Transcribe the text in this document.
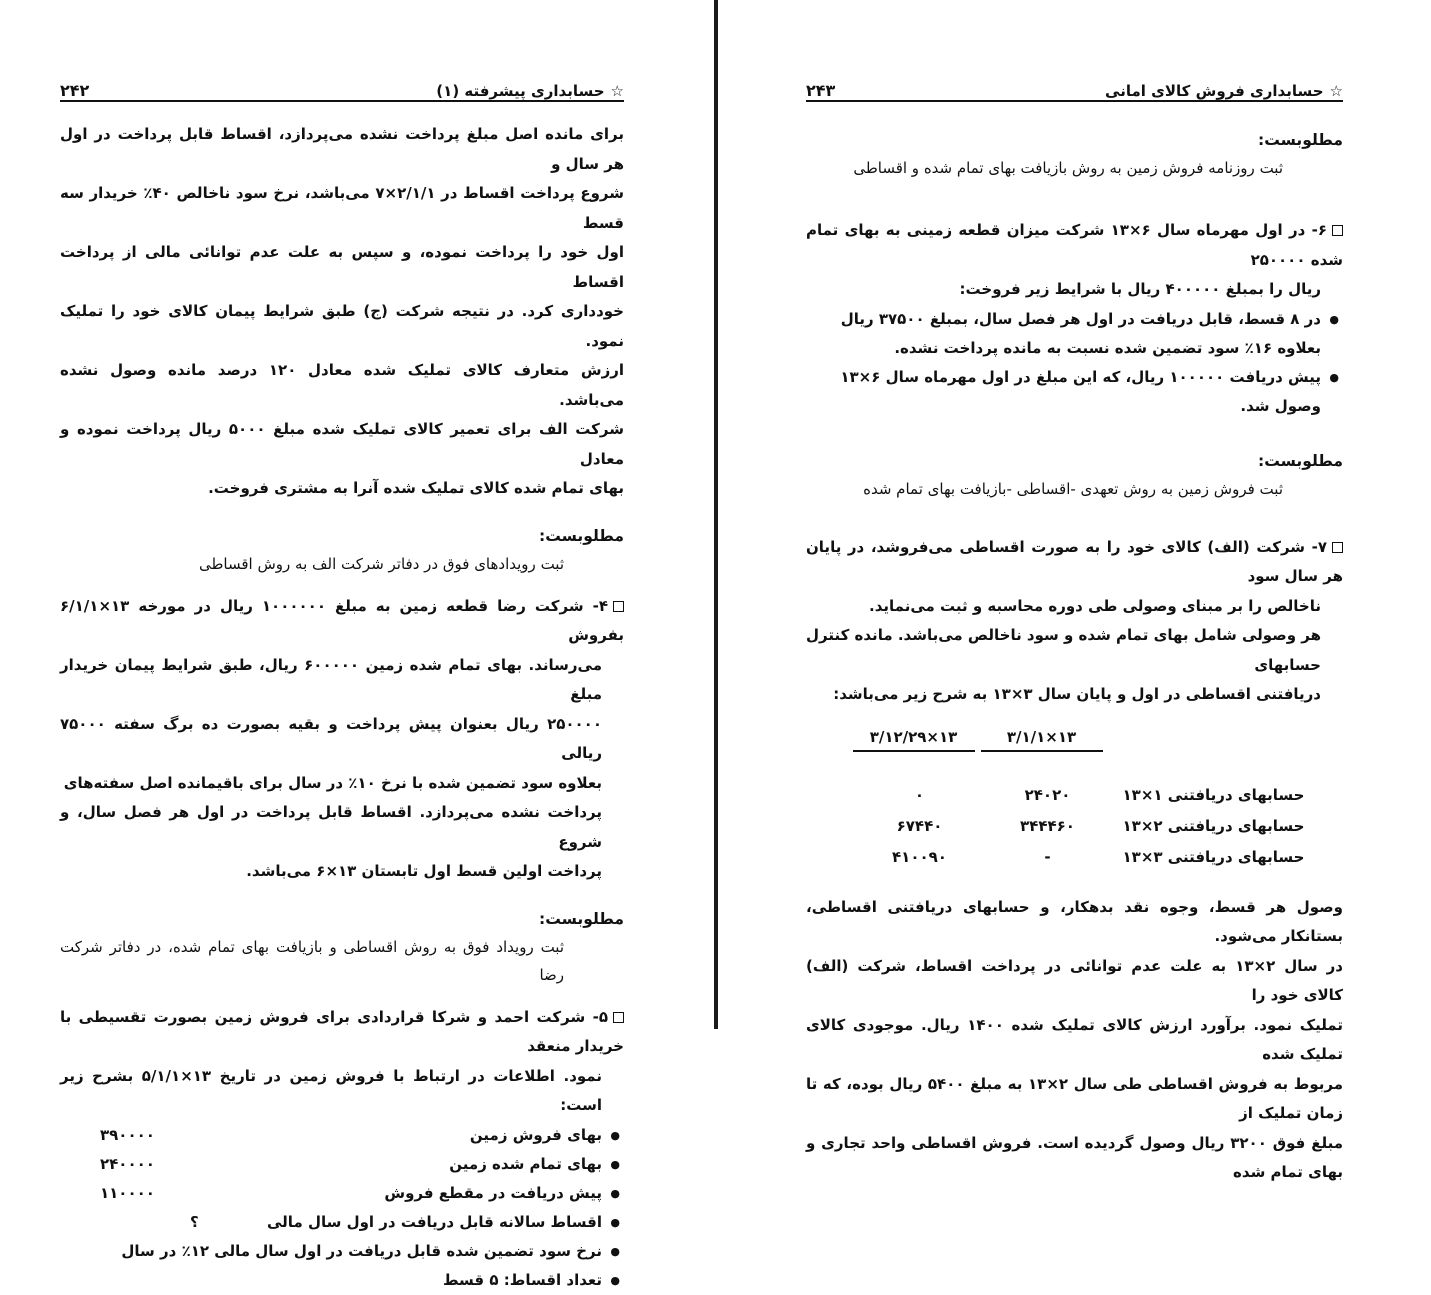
☆حسابداری پیشرفته (۱)
۲۴۲

برای مانده اصل مبلغ پرداخت نشده می‌پردازد، اقساط قابل پرداخت در اول هر سال و

شروع پرداخت اقساط در ۲/۱/۱×۷ می‌باشد، نرخ سود ناخالص ۴۰٪ خریدار سه قسط

اول خود را پرداخت نموده، و سپس به علت عدم توانائی مالی از پرداخت اقساط

خودداری کرد. در نتیجه شرکت (ج) طبق شرایط پیمان کالای خود را تملیک نمود.

ارزش متعارف کالای تملیک شده معادل ۱۲۰ درصد مانده وصول نشده می‌باشد.

شرکت الف برای تعمیر کالای تملیک شده مبلغ ۵۰۰۰ ریال پرداخت نموده و معادل

بهای تمام شده کالای تملیک شده آنرا به مشتری فروخت.

مطلوبست:

ثبت رویدادهای فوق در دفاتر شرکت الف به روش اقساطی

۴- شرکت رضا قطعه زمین به مبلغ ۱۰۰۰۰۰۰ ریال در مورخه ۱۳×۶/۱/۱ بفروش

می‌رساند. بهای تمام شده زمین ۶۰۰۰۰۰ ریال، طبق شرایط پیمان خریدار مبلغ

۲۵۰۰۰۰ ریال بعنوان پیش پرداخت و بقیه بصورت ده برگ سفته ۷۵۰۰۰ ریالی

بعلاوه سود تضمین شده با نرخ ۱۰٪ در سال برای باقیمانده اصل سفته‌های

پرداخت نشده می‌پردازد. اقساط قابل پرداخت در اول هر فصل سال، و شروع

پرداخت اولین قسط اول تابستان ۱۳×۶ می‌باشد.

مطلوبست:

ثبت رویداد فوق به روش اقساطی و بازیافت بهای تمام شده، در دفاتر شرکت رضا

۵- شرکت احمد و شرکا قراردادی برای فروش زمین بصورت تقسیطی با خریدار منعقد

نمود. اطلاعات در ارتباط با فروش زمین در تاریخ ۱۳×۵/۱/۱ بشرح زیر است:

● بهای فروش زمین
۳۹۰۰۰۰
● بهای تمام شده زمین
۲۴۰۰۰۰
● پیش دریافت در مقطع فروش
۱۱۰۰۰۰
● اقساط سالانه قابل دریافت در اول سال مالی
؟
● نرخ سود تضمین شده قابل دریافت در اول سال مالی ۱۲٪ در سال
● تعداد اقساط: ۵ قسط
☆حسابداری فروش کالای امانی
۲۴۳
مطلوبست:

ثبت روزنامه فروش زمین به روش بازیافت بهای تمام شده و اقساطی

۶- در اول مهرماه سال ۶×۱۳ شرکت میزان قطعه زمینی به بهای تمام شده ۲۵۰۰۰۰

ریال را بمبلغ ۴۰۰۰۰۰ ریال با شرایط زیر فروخت:

● در ۸ قسط، قابل دریافت در اول هر فصل سال، بمبلغ ۳۷۵۰۰ ریال بعلاوه ۱۶٪ سود تضمین شده نسبت به مانده پرداخت نشده.
● پیش دریافت ۱۰۰۰۰۰ ریال، که این مبلغ در اول مهرماه سال ۶×۱۳ وصول شد.
مطلوبست:

ثبت فروش زمین به روش تعهدی -اقساطی -بازیافت بهای تمام شده

۷- شرکت (الف) کالای خود را به صورت اقساطی می‌فروشد، در پایان هر سال سود

ناخالص را بر مبنای وصولی طی دوره محاسبه و ثبت می‌نماید.

هر وصولی شامل بهای تمام شده و سود ناخالص می‌باشد. مانده کنترل حسابهای

دریافتنی اقساطی در اول و پایان سال ۳×۱۳ به شرح زیر می‌باشد:

۱۳×۳/۱/۱
۱۳×۳/۱۲/۲۹
حسابهای دریافتنی ۱×۱۳
۲۴۰۲۰
۰
حسابهای دریافتنی ۲×۱۳
۳۴۴۴۶۰
۶۷۴۴۰
حسابهای دریافتنی ۳×۱۳
-
۴۱۰۰۹۰

وصول هر قسط، وجوه نقد بدهکار، و حسابهای دریافتنی اقساطی، بستانکار می‌شود.

در سال ۲×۱۳ به علت عدم توانائی در پرداخت اقساط، شرکت (الف) کالای خود را

تملیک نمود. برآورد ارزش کالای تملیک شده ۱۴۰۰ ریال. موجودی کالای تملیک شده

مربوط به فروش اقساطی طی سال ۲×۱۳ به مبلغ ۵۴۰۰ ریال بوده، که تا زمان تملیک از

مبلغ فوق ۳۲۰۰ ریال وصول گردیده است. فروش اقساطی واحد تجاری و بهای تمام شده
